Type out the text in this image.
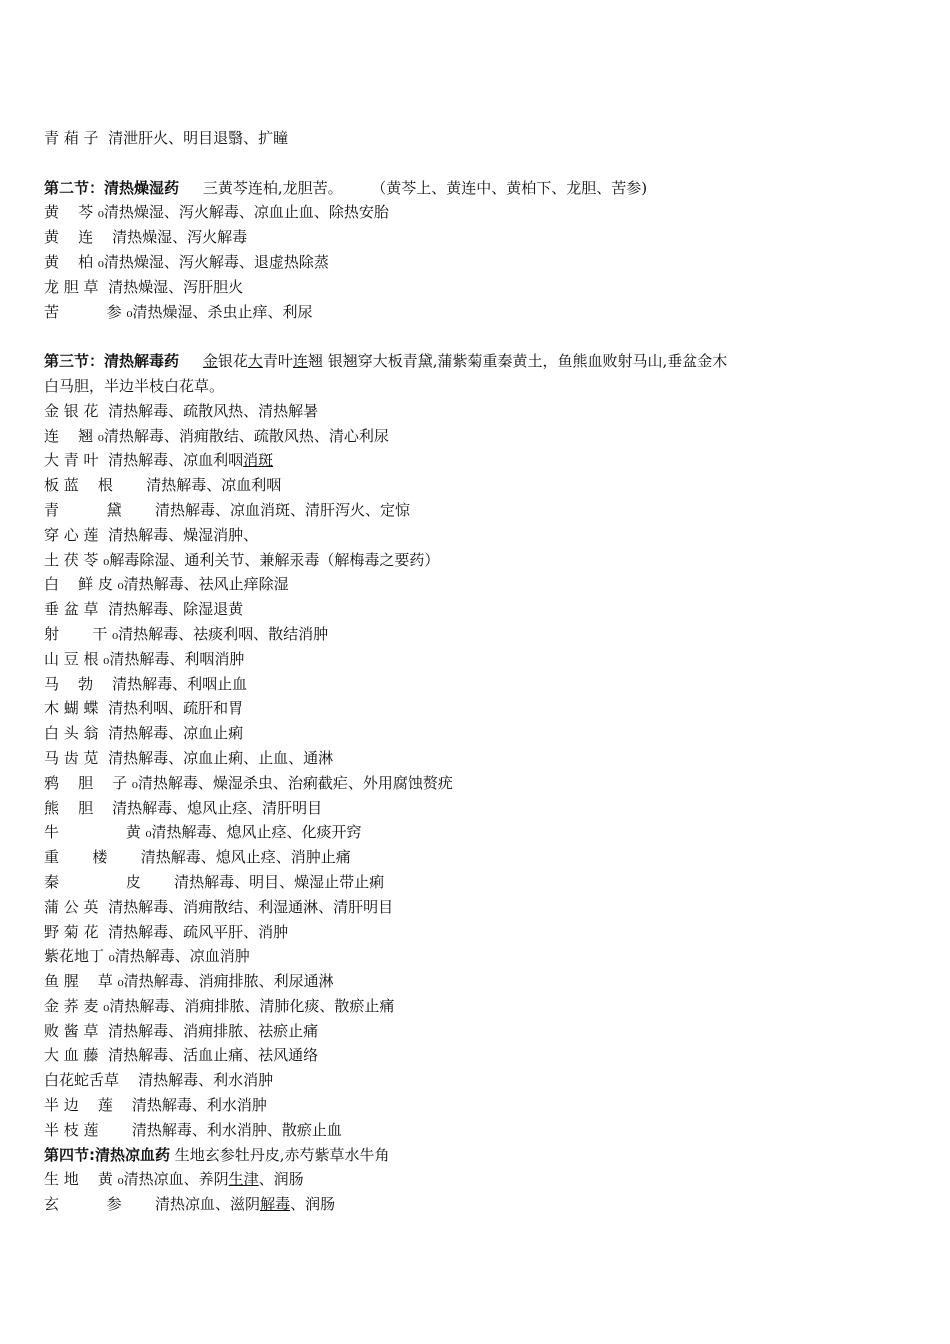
青 葙 子  清泄肝火、明目退翳、扩瞳
第二节：清热燥湿药     三黄芩连柏,龙胆苦。      （黄芩上、黄连中、黄柏下、龙胆、苦参)
黄    芩 ₀清热燥湿、泻火解毒、凉血止血、除热安胎
黄    连    清热燥湿、泻火解毒
黄    柏 ₀清热燥湿、泻火解毒、退虚热除蒸
龙 胆 草  清热燥湿、泻肝胆火
苦          参 ₀清热燥湿、杀虫止痒、利尿
第三节：清热解毒药 金银花大青叶连翘 银翘穿大板青黛,蒲紫菊重秦黄土，鱼熊血败射马山,垂盆金木
白马胆，半边半枝白花草。
金 银 花  清热解毒、疏散风热、清热解暑
连    翘 ₀清热解毒、消痈散结、疏散风热、清心利尿
大 青 叶  清热解毒、凉血利咽消斑
板 蓝    根       清热解毒、凉血利咽
青          黛       清热解毒、凉血消斑、清肝泻火、定惊
穿 心 莲  清热解毒、燥湿消肿、
土 茯 苓 ₀解毒除湿、通利关节、兼解汞毒（解梅毒之要药）
白    鲜 皮 ₀清热解毒、祛风止痒除湿
垂 盆 草  清热解毒、除湿退黄
射       干 ₀清热解毒、祛痰利咽、散结消肿
山 豆 根 ₀清热解毒、利咽消肿
马    勃    清热解毒、利咽止血
木 蝴 蝶  清热利咽、疏肝和胃
白 头 翁  清热解毒、凉血止痢
马 齿 苋  清热解毒、凉血止痢、止血、通淋
鸦    胆    子 ₀清热解毒、燥湿杀虫、治痢截疟、外用腐蚀赘疣
熊    胆    清热解毒、熄风止痉、清肝明目
牛              黄 ₀清热解毒、熄风止痉、化痰开窍
重       楼       清热解毒、熄风止痉、消肿止痛
秦              皮       清热解毒、明目、燥湿止带止痢
蒲 公 英  清热解毒、消痈散结、利湿通淋、清肝明目
野 菊 花  清热解毒、疏风平肝、消肿
紫花地丁 ₀清热解毒、凉血消肿
鱼 腥    草 ₀清热解毒、消痈排脓、利尿通淋
金 荞 麦 ₀清热解毒、消痈排脓、清肺化痰、散瘀止痛
败 酱 草  清热解毒、消痈排脓、祛瘀止痛
大 血 藤  清热解毒、活血止痛、祛风通络
白花蛇舌草    清热解毒、利水消肿
半 边    莲    清热解毒、利水消肿
半 枝 莲       清热解毒、利水消肿、散瘀止血
第四节:清热凉血药 生地玄参牡丹皮,赤芍紫草水牛角
生 地    黄 ₀清热凉血、养阴生津、润肠
玄          参       清热凉血、滋阴解毒、润肠
